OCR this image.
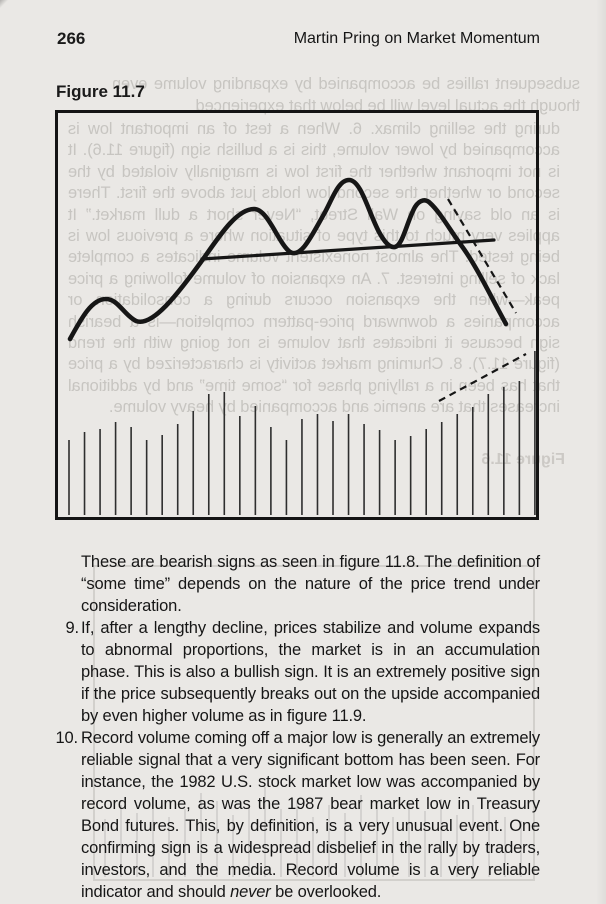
subsequent rallies be accompanied by expanding volume even though the actual level will be below that experienced
during the selling climax. 6. When a test of an important low is accompanied by lower volume, this is a bullish sign (figure 11.6). It is not important whether the first low is marginally violated by the second or whether the second low holds just above the first. There is an old saying on Wall Street, “Never short a dull market.” It applies very much to this type of situation where a previous low is being tested. The almost nonexistent volume indicates a complete lack of selling interest. 7. An expansion of volume following a price peak—when the expansion occurs during a consolidation or accompanies a downward price-pattern completion—is a bearish sign because it indicates that volume is not going with the trend (figure 11.7). 8. Churning market activity is characterized by a price that has been in a rallying phase for “some time” and by additional increases that are anemic and accompanied by heavy volume.
Figure 11.6
266	Martin Pring on Market Momentum
Figure 11.7
These are bearish signs as seen in figure 11.8. The definition of “some time” depends on the nature of the price trend under consideration.
9. If, after a lengthy decline, prices stabilize and volume expands to abnormal proportions, the market is in an accumulation phase. This is also a bullish sign. It is an extremely positive sign if the price subsequently breaks out on the upside accompanied by even higher volume as in figure 11.9.
10. Record volume coming off a major low is generally an extremely reliable signal that a very significant bottom has been seen. For instance, the 1982 U.S. stock market low was accompanied by record volume, as was the 1987 bear market low in Treasury Bond futures. This, by definition, is a very unusual event. One confirming sign is a widespread disbelief in the rally by traders, investors, and the media. Record volume is a very reliable indicator and should never be overlooked.
